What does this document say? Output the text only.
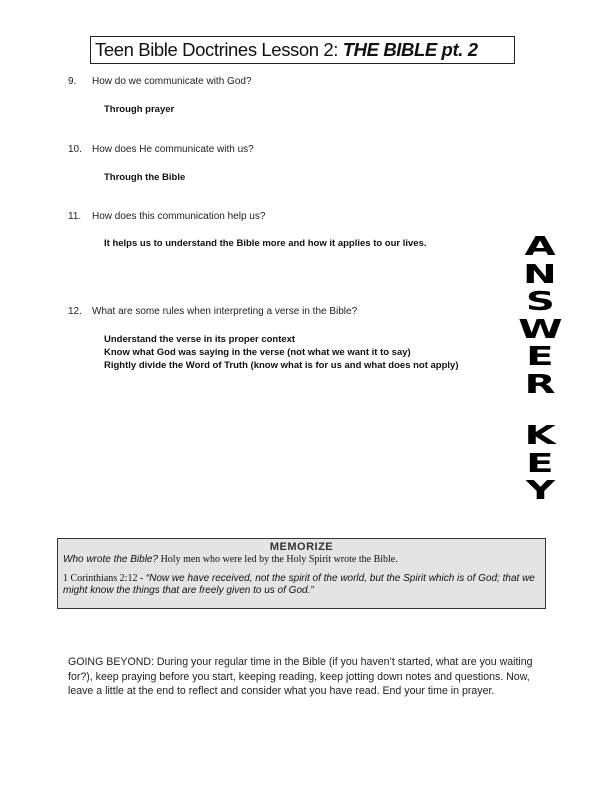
Teen Bible Doctrines Lesson 2: THE BIBLE pt. 2
9. How do we communicate with God?
Through prayer
10. How does He communicate with us?
Through the Bible
11. How does this communication help us?
It helps us to understand the Bible more and how it applies to our lives.
12. What are some rules when interpreting a verse in the Bible?
Understand the verse in its proper context
Know what God was saying in the verse (not what we want it to say)
Rightly divide the Word of Truth (know what is for us and what does not apply)
A
N
S
W
E
R
K
E
Y
MEMORIZE
Who wrote the Bible? Holy men who were led by the Holy Spirit wrote the Bible.
1 Corinthians 2:12 - “Now we have received, not the spirit of the world, but the Spirit which is of God; that we might know the things that are freely given to us of God.”
GOING BEYOND: During your regular time in the Bible (if you haven’t started, what are you waiting for?), keep praying before you start, keeping reading, keep jotting down notes and questions. Now, leave a little at the end to reflect and consider what you have read. End your time in prayer.
